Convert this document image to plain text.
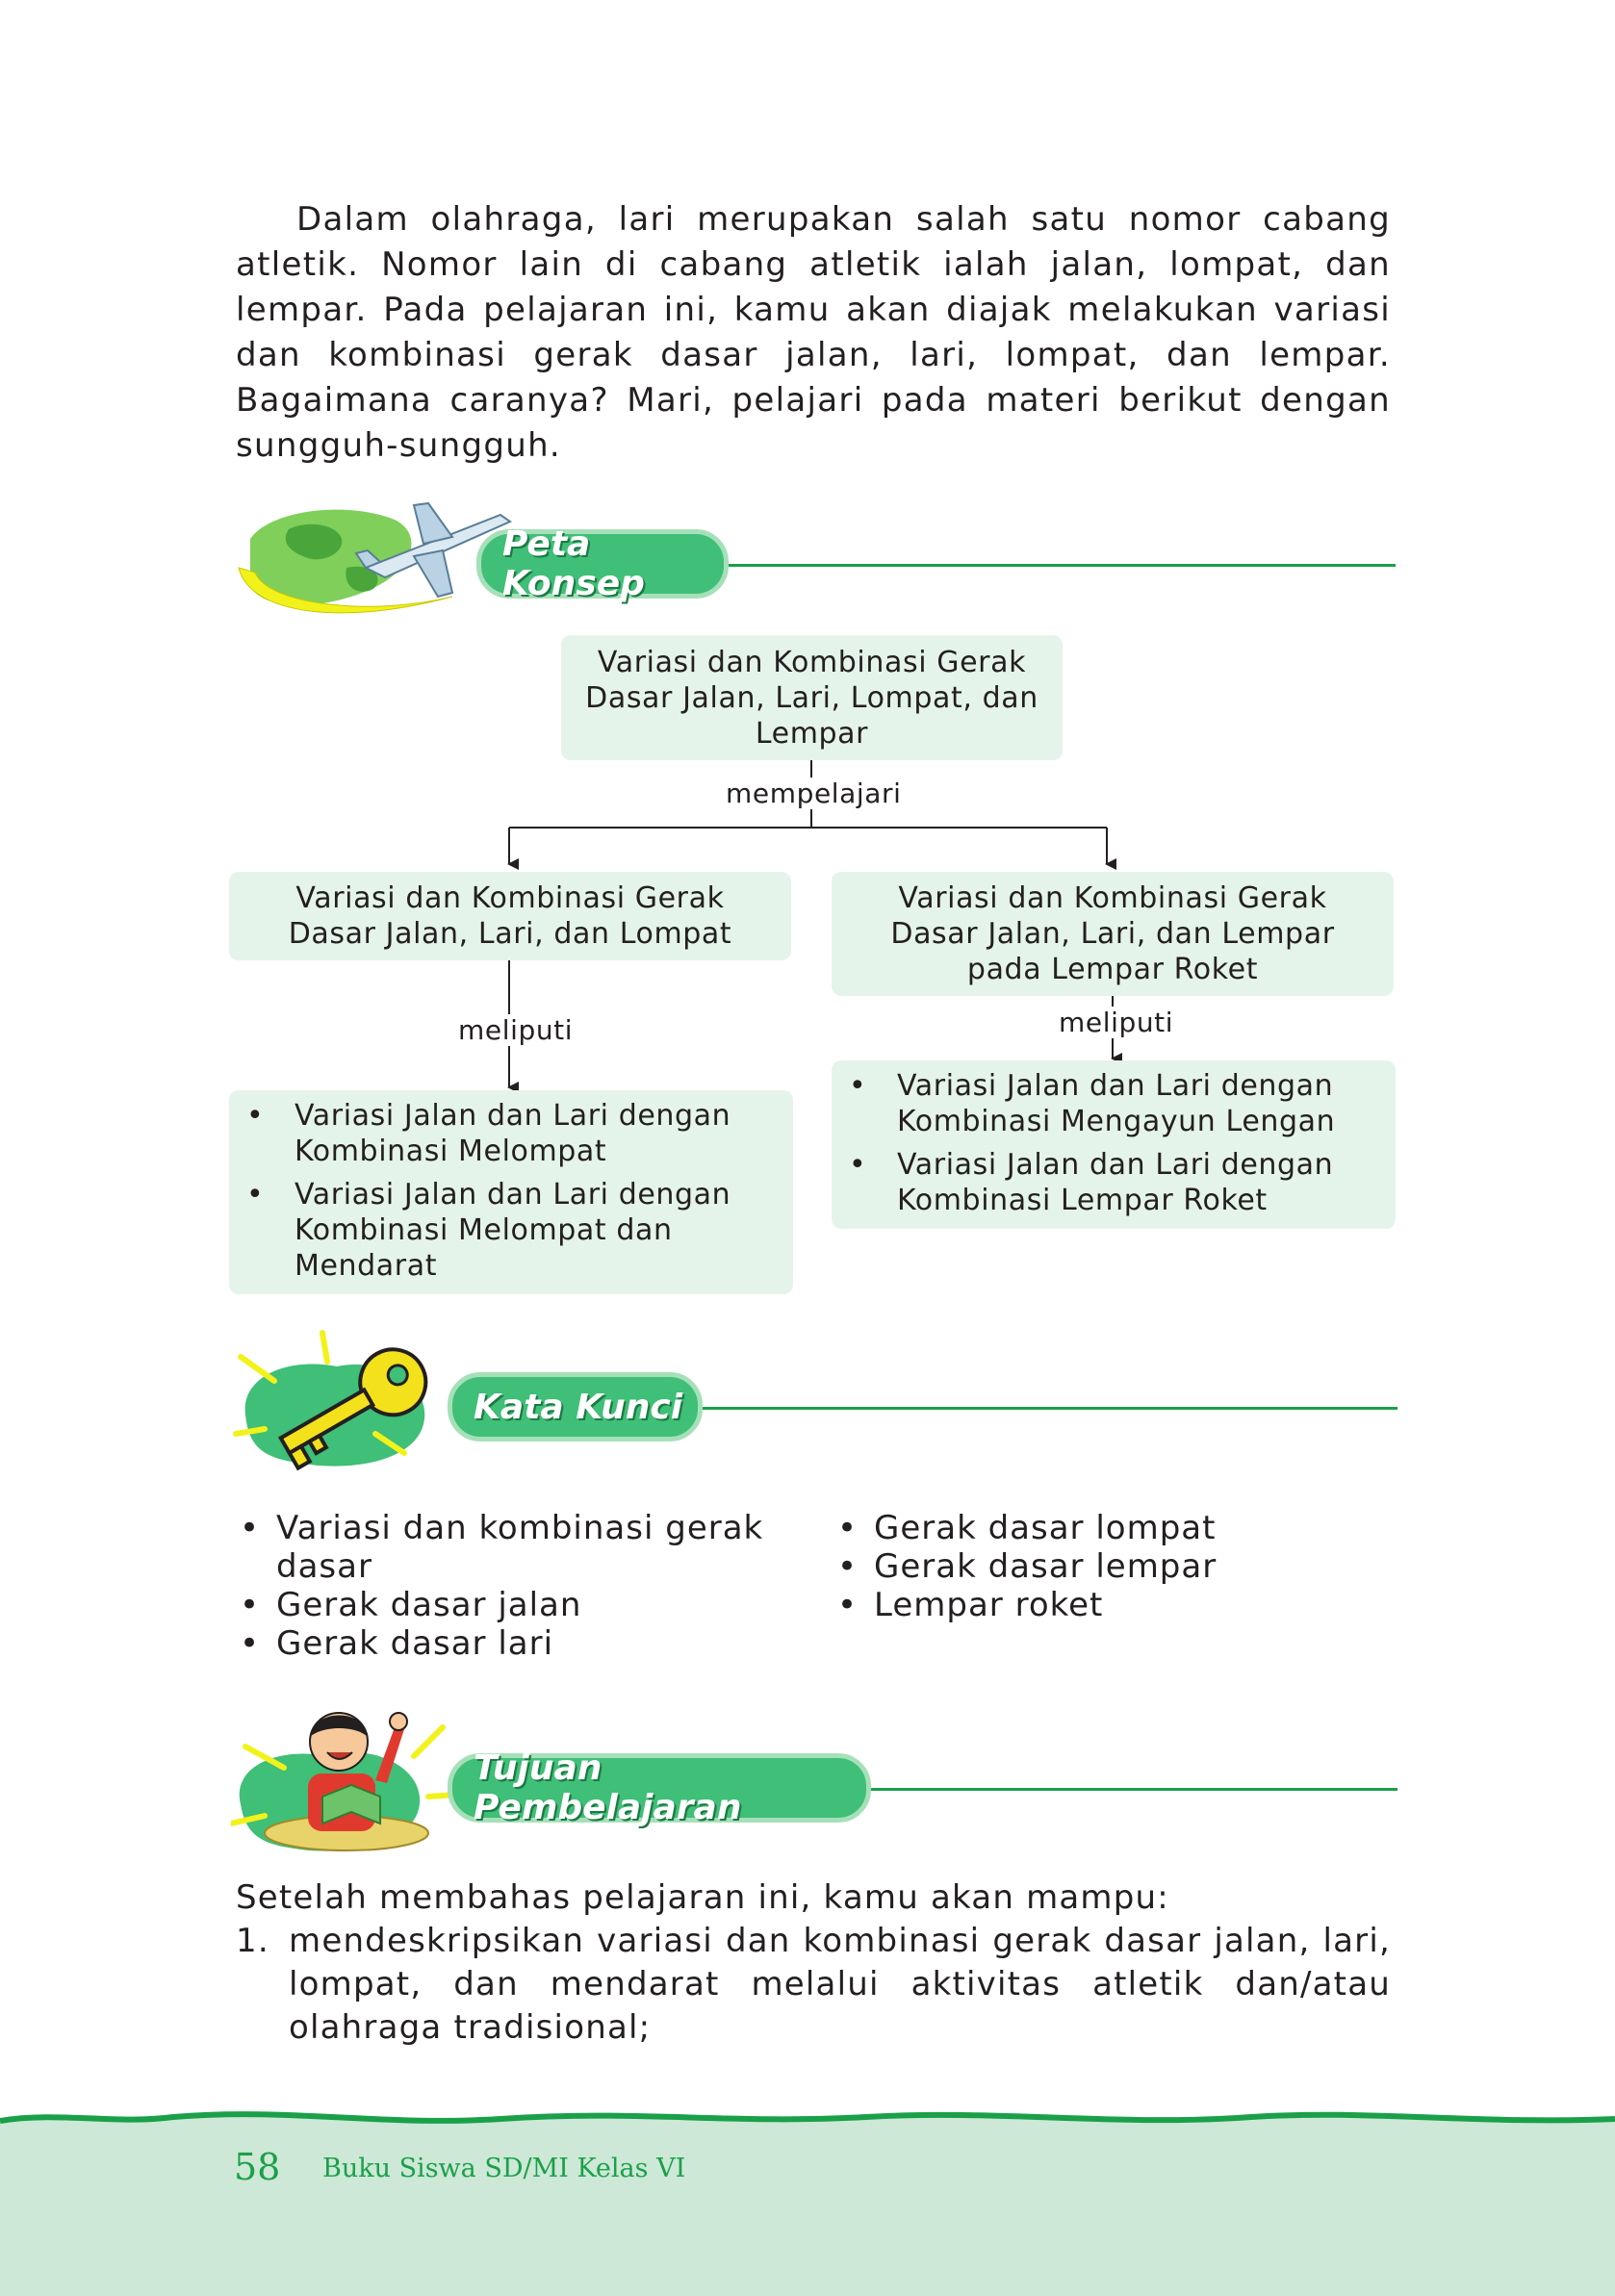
Dalam olahraga, lari merupakan salah satu nomor cabang atletik. Nomor lain di cabang atletik ialah jalan, lompat, dan lempar. Pada pelajaran ini, kamu akan diajak melakukan variasi dan kombinasi gerak dasar jalan, lari, lompat, dan lempar. Bagaimana caranya? Mari, pelajari pada materi berikut dengan sungguh-sungguh.

Peta Konsep
Variasi dan Kombinasi Gerak Dasar Jalan, Lari, Lompat, dan Lempar
mempelajari
Variasi dan Kombinasi Gerak Dasar Jalan, Lari, dan Lompat
Variasi dan Kombinasi Gerak Dasar Jalan, Lari, dan Lempar pada Lempar Roket
meliputi	meliputi
• Variasi Jalan dan Lari dengan Kombinasi Melompat
• Variasi Jalan dan Lari dengan Kombinasi Melompat dan Mendarat
• Variasi Jalan dan Lari dengan Kombinasi Mengayun Lengan
• Variasi Jalan dan Lari dengan Kombinasi Lempar Roket
Kata Kunci
• Variasi dan kombinasi gerak dasar
• Gerak dasar jalan
• Gerak dasar lari
• Gerak dasar lompat
• Gerak dasar lempar
• Lempar roket
Tujuan Pembelajaran
Setelah membahas pelajaran ini, kamu akan mampu:
1. mendeskripsikan variasi dan kombinasi gerak dasar jalan, lari, lompat, dan mendarat melalui aktivitas atletik dan/atau olahraga tradisional;
58 Buku Siswa SD/MI Kelas VI
